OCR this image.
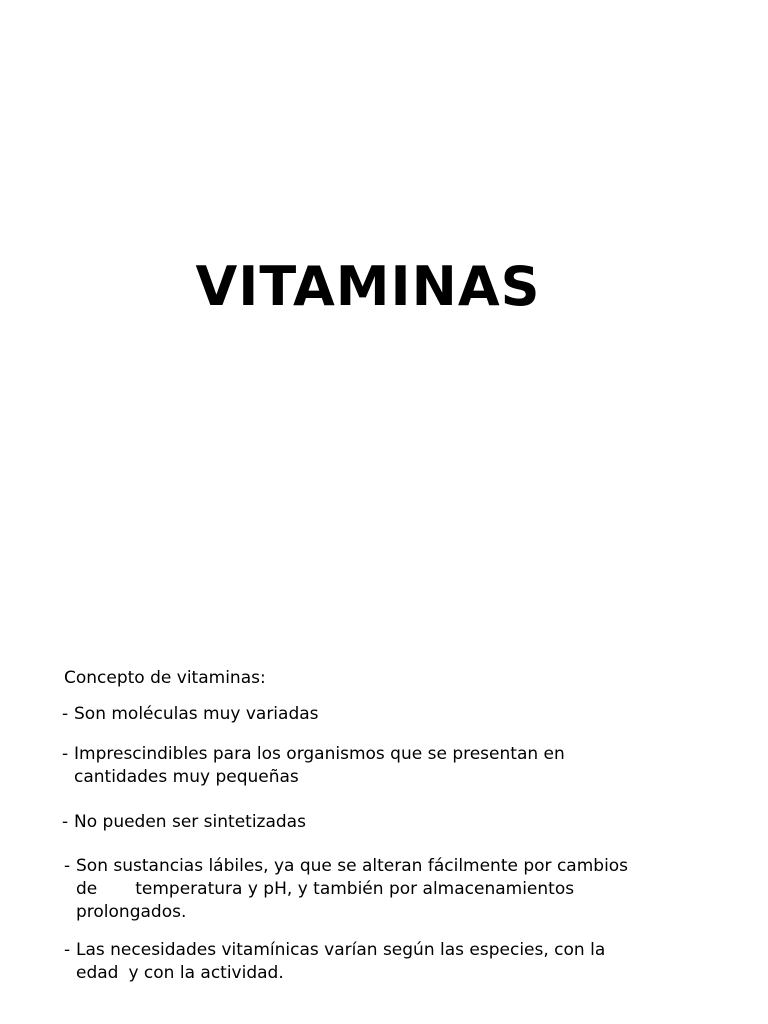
VITAMINAS
Concepto de vitaminas:
- Son moléculas muy variadas
- Imprescindibles para los organismos que se presentan en
cantidades muy pequeñas
- No pueden ser sintetizadas
- Son sustancias lábiles, ya que se alteran fácilmente por cambios
de temperatura y pH, y también por almacenamientos
prolongados.
- Las necesidades vitamínicas varían según las especies, con la
edad y con la actividad.
